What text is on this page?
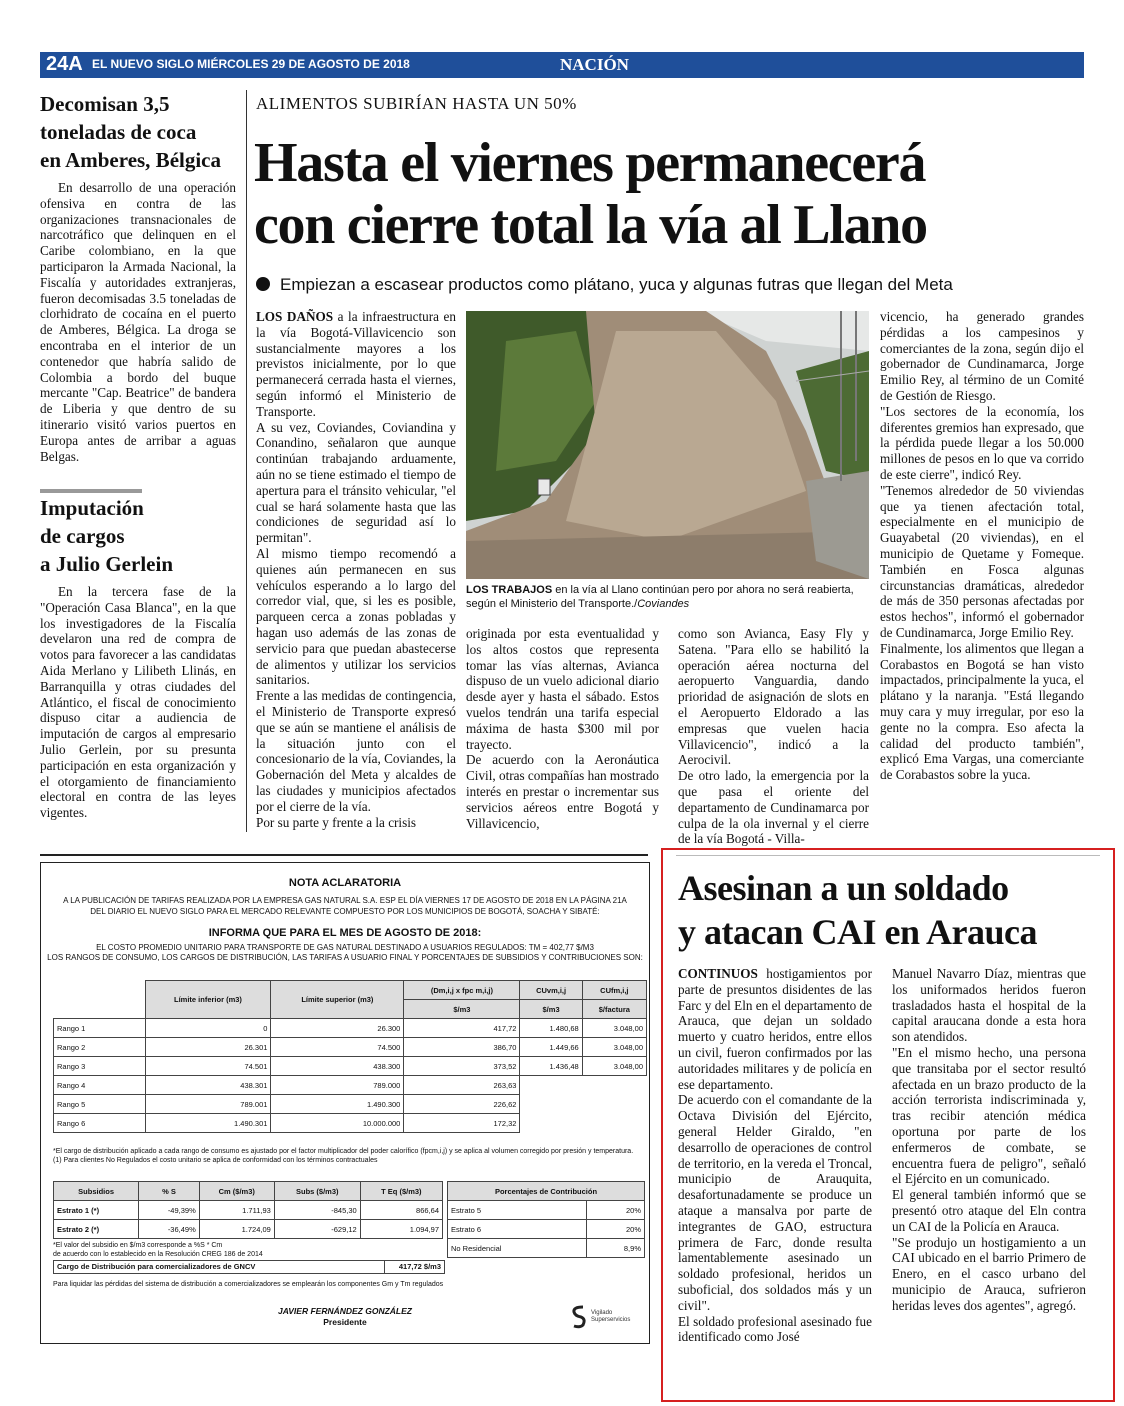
24A EL NUEVO SIGLO MIÉRCOLES 29 DE AGOSTO DE 2018	NACIÓN
Decomisan 3,5
toneladas de coca
en Amberes, Bélgica
En desarrollo de una operación ofensiva en contra de las organizaciones transnacionales de narcotráfico que delinquen en el Caribe colombiano, en la que participaron la Armada Nacional, la Fiscalía y autoridades extranjeras, fueron decomisadas 3.5 toneladas de clorhidrato de cocaína en el puerto de Amberes, Bélgica. La droga se encontraba en el interior de un contenedor que habría salido de Colombia a bordo del buque mercante "Cap. Beatrice" de bandera de Liberia y que dentro de su itinerario visitó varios puertos en Europa antes de arribar a aguas Belgas.
Imputación
de cargos
a Julio Gerlein
En la tercera fase de la "Operación Casa Blanca", en la que los investigadores de la Fiscalía develaron una red de compra de votos para favorecer a las candidatas Aida Merlano y Lilibeth Llinás, en Barranquilla y otras ciudades del Atlántico, el fiscal de conocimiento dispuso citar a audiencia de imputación de cargos al empresario Julio Gerlein, por su presunta participación en esta organización y el otorgamiento de financiamiento electoral en contra de las leyes vigentes.
ALIMENTOS SUBIRÍAN HASTA UN 50%
Hasta el viernes permanecerá
con cierre total la vía al Llano
Empiezan a escasear productos como plátano, yuca y algunas futras que llegan del Meta
LOS DAÑOS a la infraestructura en la vía Bogotá-Villavicencio son sustancialmente mayores a los previstos inicialmente, por lo que permanecerá cerrada hasta el viernes, según informó el Ministerio de Transporte.
A su vez, Coviandes, Coviandina y Conandino, señalaron que aunque continúan trabajando arduamente, aún no se tiene estimado el tiempo de apertura para el tránsito vehicular, "el cual se hará solamente hasta que las condiciones de seguridad así lo permitan".
Al mismo tiempo recomendó a quienes aún permanecen en sus vehículos esperando a lo largo del corredor vial, que, si les es posible, parqueen cerca a zonas pobladas y hagan uso además de las zonas de servicio para que puedan abastecerse de alimentos y utilizar los servicios sanitarios.
Frente a las medidas de contingencia, el Ministerio de Transporte expresó que se aún se mantiene el análisis de la situación junto con el concesionario de la vía, Coviandes, la Gobernación del Meta y alcaldes de las ciudades y municipios afectados por el cierre de la vía.
Por su parte y frente a la crisis
LOS TRABAJOS en la vía al Llano continúan pero por ahora no será reabierta, según el Ministerio del Transporte./Coviandes
originada por esta eventualidad y los altos costos que representa tomar las vías alternas, Avianca dispuso de un vuelo adicional diario desde ayer y hasta el sábado. Estos vuelos tendrán una tarifa especial máxima de hasta $300 mil por trayecto.
De acuerdo con la Aeronáutica Civil, otras compañías han mostrado interés en prestar o incrementar sus servicios aéreos entre Bogotá y Villavicencio,
como son Avianca, Easy Fly y Satena. "Para ello se habilitó la operación aérea nocturna del aeropuerto Vanguardia, dando prioridad de asignación de slots en el Aeropuerto Eldorado a las empresas que vuelen hacia Villavicencio", indicó a la Aerocivil.
De otro lado, la emergencia por la que pasa el oriente del departamento de Cundinamarca por culpa de la ola invernal y el cierre de la vía Bogotá - Villa-
vicencio, ha generado grandes pérdidas a los campesinos y comerciantes de la zona, según dijo el gobernador de Cundinamarca, Jorge Emilio Rey, al término de un Comité de Gestión de Riesgo.
"Los sectores de la economía, los diferentes gremios han expresado, que la pérdida puede llegar a los 50.000 millones de pesos en lo que va corrido de este cierre", indicó Rey.
"Tenemos alrededor de 50 viviendas que ya tienen afectación total, especialmente en el municipio de Guayabetal (20 viviendas), en el municipio de Quetame y Fomeque. También en Fosca algunas circunstancias dramáticas, alrededor de más de 350 personas afectadas por estos hechos", informó el gobernador de Cundinamarca, Jorge Emilio Rey.
Finalmente, los alimentos que llegan a Corabastos en Bogotá se han visto impactados, principalmente la yuca, el plátano y la naranja. "Está llegando muy cara y muy irregular, por eso la gente no la compra. Eso afecta la calidad del producto también", explicó Ema Vargas, una comerciante de Corabastos sobre la yuca.
NOTA ACLARATORIA
A LA PUBLICACIÓN DE TARIFAS REALIZADA POR LA EMPRESA GAS NATURAL S.A. ESP EL DÍA VIERNES 17 DE AGOSTO DE 2018 EN LA PÁGINA 21A
DEL DIARIO EL NUEVO SIGLO PARA EL MERCADO RELEVANTE COMPUESTO POR LOS MUNICIPIOS DE BOGOTÁ, SOACHA Y SIBATÉ:
INFORMA QUE PARA EL MES DE AGOSTO DE 2018:
EL COSTO PROMEDIO UNITARIO PARA TRANSPORTE DE GAS NATURAL DESTINADO A USUARIOS REGULADOS: TM = 402,77 $/M3
LOS RANGOS DE CONSUMO, LOS CARGOS DE DISTRIBUCIÓN, LAS TARIFAS A USUARIO FINAL Y PORCENTAJES DE SUBSIDIOS Y CONTRIBUCIONES SON:
	Límite inferior (m3)	Límite superior (m3)	(Dm,i,j x fpc m,i,j)	CUvm,i,j	CUfm,i,j
			$/m3	$/m3	$/factura
Rango 1	0	26.300	417,72	1.480,68	3.048,00
Rango 2	26.301	74.500	386,70	1.449,66	3.048,00
Rango 3	74.501	438.300	373,52	1.436,48	3.048,00
Rango 4	438.301	789.000	263,63		
Rango 5	789.001	1.490.300	226,62		
Rango 6	1.490.301	10.000.000	172,32		
*El cargo de distribución aplicado a cada rango de consumo es ajustado por el factor multiplicador del poder calorífico (fpcm,i,j) y se aplica al volumen corregido por presión y temperatura.
(1) Para clientes No Regulados el costo unitario se aplica de conformidad con los términos contractuales
Subsidios	% S	Cm ($/m3)	Subs ($/m3)	T Eq ($/m3)
Estrato 1 (*)	-49,39%	1.711,93	-845,30	866,64
Estrato 2 (*)	-36,49%	1.724,09	-629,12	1.094,97
Porcentajes de Contribución	
Estrato 5	20%
Estrato 6	20%
No Residencial	8,9%
*El valor del subsidio en $/m3 corresponde a %S * Cm
de acuerdo con lo establecido en la Resolución CREG 186 de 2014
Cargo de Distribución para comercializadores de GNCV	417,72 $/m3
Para liquidar las pérdidas del sistema de distribución a comercializadores se emplearán los componentes Gm y Tm regulados
JAVIER FERNÁNDEZ GONZÁLEZ
Presidente
Vigilado
Superservicios
Asesinan a un soldado
y atacan CAI en Arauca
CONTINUOS hostigamientos por parte de presuntos disidentes de las Farc y del Eln en el departamento de Arauca, que dejan un soldado muerto y cuatro heridos, entre ellos un civil, fueron confirmados por las autoridades militares y de policía en ese departamento.
De acuerdo con el comandante de la Octava División del Ejército, general Helder Giraldo, "en desarrollo de operaciones de control de territorio, en la vereda el Troncal, municipio de Arauquita, desafortunadamente se produce un ataque a mansalva por parte de integrantes de GAO, estructura primera de Farc, donde resulta lamentablemente asesinado un soldado profesional, heridos un suboficial, dos soldados más y un civil".
El soldado profesional asesinado fue identificado como José
Manuel Navarro Díaz, mientras que los uniformados heridos fueron trasladados hasta el hospital de la capital araucana donde a esta hora son atendidos.
"En el mismo hecho, una persona que transitaba por el sector resultó afectada en un brazo producto de la acción terrorista indiscriminada y, tras recibir atención médica oportuna por parte de los enfermeros de combate, se encuentra fuera de peligro", señaló el Ejército en un comunicado.
El general también informó que se presentó otro ataque del Eln contra un CAI de la Policía en Arauca.
"Se produjo un hostigamiento a un CAI ubicado en el barrio Primero de Enero, en el casco urbano del municipio de Arauca, sufrieron heridas leves dos agentes", agregó.
